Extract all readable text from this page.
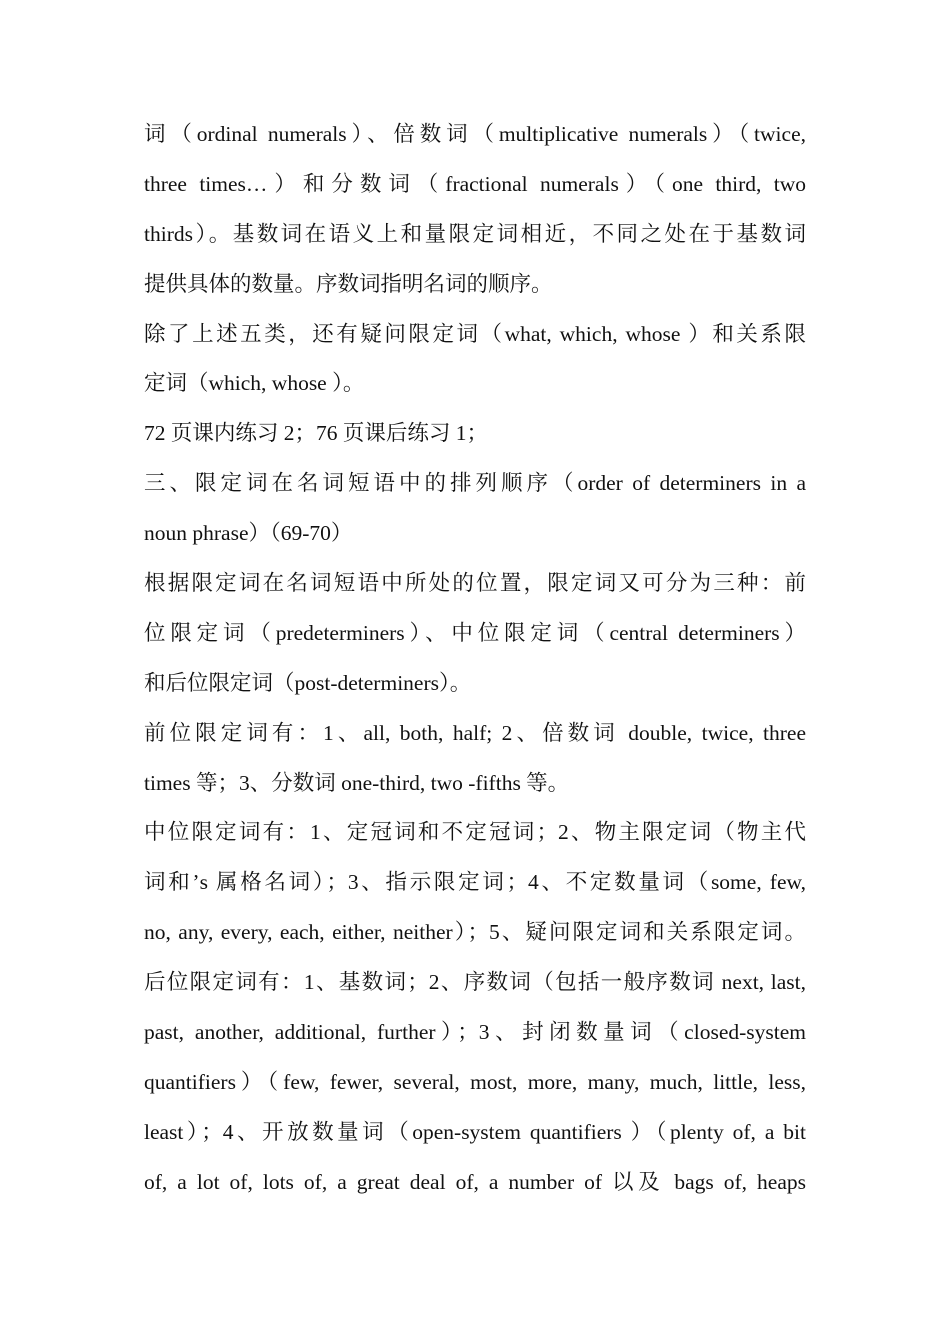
词（ordinal numerals）、倍数词（multiplicative numerals）（twice,
three times…）和分数词（fractional numerals）（one third, two
thirds）。基数词在语义上和量限定词相近，不同之处在于基数词
提供具体的数量。序数词指明名词的顺序。
除了上述五类，还有疑问限定词（what, which, whose ）和关系限
定词（which, whose ）。
72 页课内练习 2；76 页课后练习 1；
三、限定词在名词短语中的排列顺序（order of determiners in a
noun phrase）（69-70）
根据限定词在名词短语中所处的位置，限定词又可分为三种：前
位限定词（predeterminers）、中位限定词（central determiners）
和后位限定词（post-determiners）。
前位限定词有：1、all, both, half; 2、倍数词 double, twice, three
times 等；3、分数词 one-third, two -fifths 等。
中位限定词有：1、定冠词和不定冠词；2、物主限定词（物主代
词和’s 属格名词）；3、指示限定词；4、不定数量词（some, few,
no, any, every, each, either, neither）；5、疑问限定词和关系限定词。
后位限定词有：1、基数词；2、序数词（包括一般序数词 next, last,
past, another, additional, further）；3、封闭数量词（closed-system
quantifiers）（few, fewer, several, most, more, many, much, little, less,
least）；4、开放数量词（open-system quantifiers ）（plenty of, a bit
of, a lot of, lots of, a great deal of, a number of 以及 bags of, heaps
